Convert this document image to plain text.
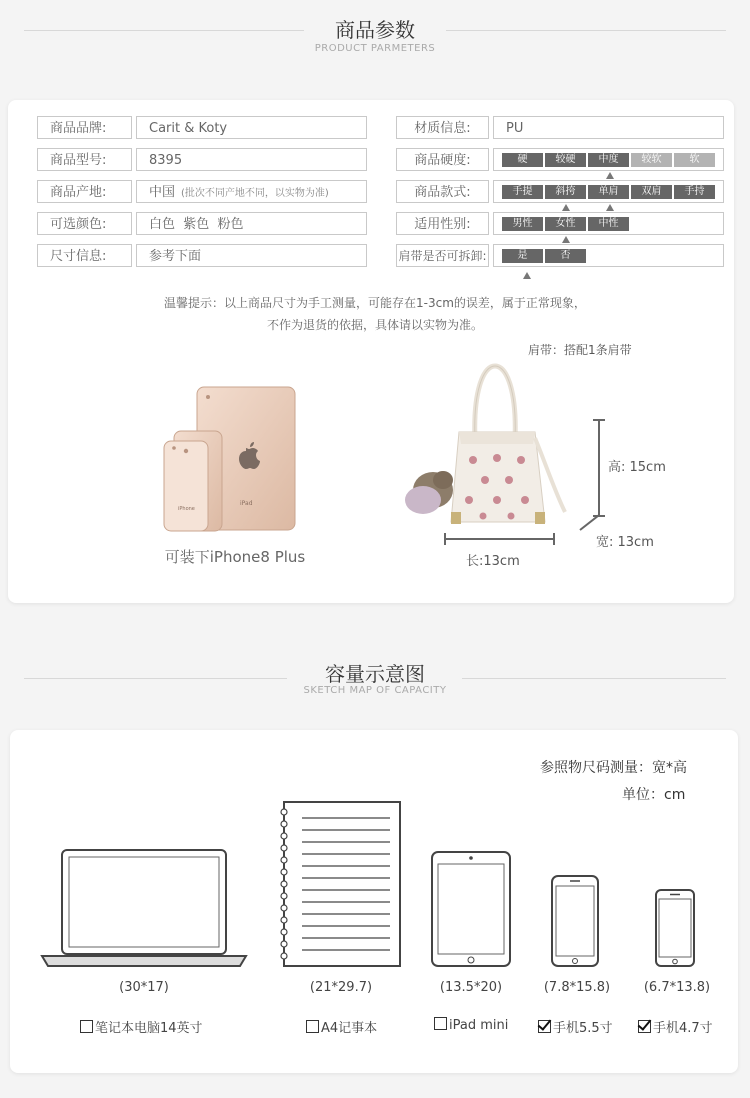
商品参数
PRODUCT PARMETERS
商品品牌:	Carit & Koty
商品型号:	8395
商品产地:	中国 (批次不同产地不同，以实物为准)
可选颜色:	白色  紫色  粉色
尺寸信息:	参考下面
材质信息:	PU
商品硬度:	硬	较硬	中度	较软	软
商品款式:	手提	斜挎	单肩	双肩	手持
适用性别:	男性	女性	中性
肩带是否可拆卸:	是	否
温馨提示：以上商品尺寸为手工测量，可能存在1-3cm的误差，属于正常现象，
不作为退货的依据，具体请以实物为准。
肩带：搭配1条肩带
iPad
iPhone
可装下iPhone8 Plus
高: 15cm
长:13cm
宽: 13cm
容量示意图
SKETCH MAP OF CAPACITY
参照物尺码测量：宽*高
单位：cm
(30*17)	(21*29.7)	(13.5*20)	(7.8*15.8)	(6.7*13.8)
笔记本电脑14英寸	A4记事本	iPad mini	手机5.5寸	手机4.7寸
